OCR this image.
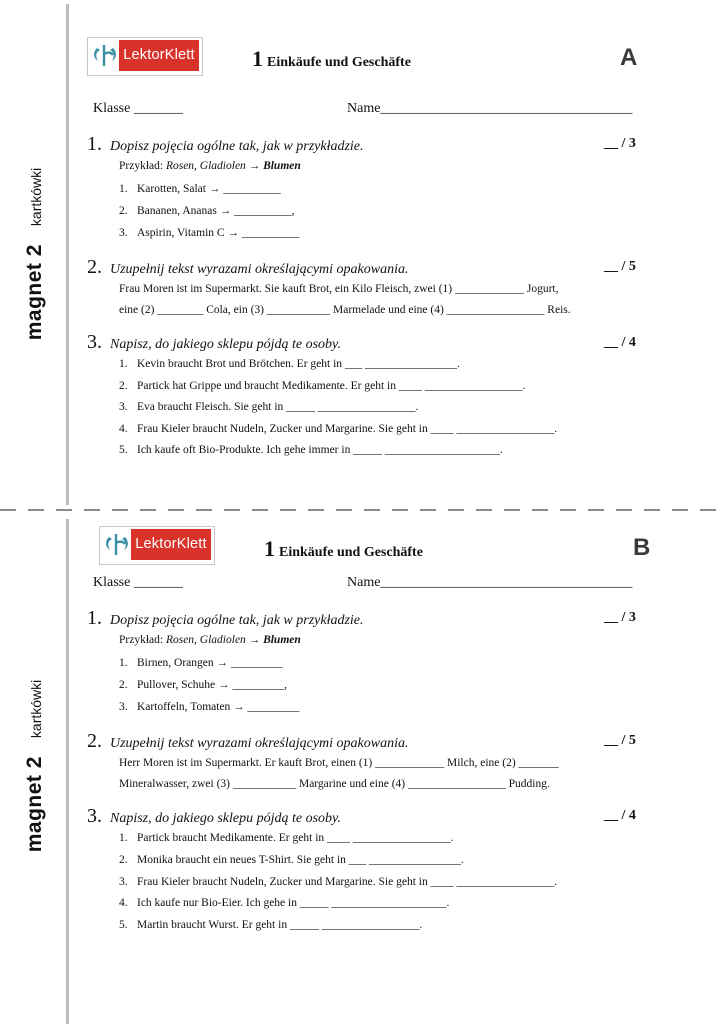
magnet 2kartkówki
LektorKlett	1 Einkäufe und Geschäfte	A
Klasse _______	Name____________________________________
1. Dopisz pojęcia ogólne tak, jak w przykładzie.	__ / 3
Przykład: Rosen, Gladiolen → Blumen
1. Karotten, Salat → __________
2. Bananen, Ananas → __________,
3. Aspirin, Vitamin C → __________
2. Uzupełnij tekst wyrazami określającymi opakowania.	__ / 5
Frau Moren ist im Supermarkt. Sie kauft Brot, ein Kilo Fleisch, zwei (1) ____________ Jogurt,
eine (2) ________ Cola, ein (3) ___________ Marmelade und eine (4) _________________ Reis.
3. Napisz, do jakiego sklepu pójdą te osoby.	__ / 4
1. Kevin braucht Brot und Brötchen. Er geht in ___ ________________.
2. Partick hat Grippe und braucht Medikamente. Er geht in ____ _________________.
3. Eva braucht Fleisch. Sie geht in _____ _________________.
4. Frau Kieler braucht Nudeln, Zucker und Margarine. Sie geht in ____ _________________.
5. Ich kaufe oft Bio-Produkte. Ich gehe immer in _____ ____________________.
magnet 2kartkówki
LektorKlett	1 Einkäufe und Geschäfte	B
Klasse _______	Name____________________________________
1. Dopisz pojęcia ogólne tak, jak w przykładzie.	__ / 3
Przykład: Rosen, Gladiolen → Blumen
1. Birnen, Orangen → _________
2. Pullover, Schuhe → _________,
3. Kartoffeln, Tomaten → _________
2. Uzupełnij tekst wyrazami określającymi opakowania.	__ / 5
Herr Moren ist im Supermarkt. Er kauft Brot, einen (1) ____________ Milch, eine (2) _______
Mineralwasser, zwei (3) ___________ Margarine und eine (4) _________________ Pudding.
3. Napisz, do jakiego sklepu pójdą te osoby.	__ / 4
1. Partick braucht Medikamente. Er geht in ____ _________________.
2. Monika braucht ein neues T-Shirt. Sie geht in ___ ________________.
3. Frau Kieler braucht Nudeln, Zucker und Margarine. Sie geht in ____ _________________.
4. Ich kaufe nur Bio-Eier. Ich gehe in _____ ____________________.
5. Martin braucht Wurst. Er geht in _____ _________________.
